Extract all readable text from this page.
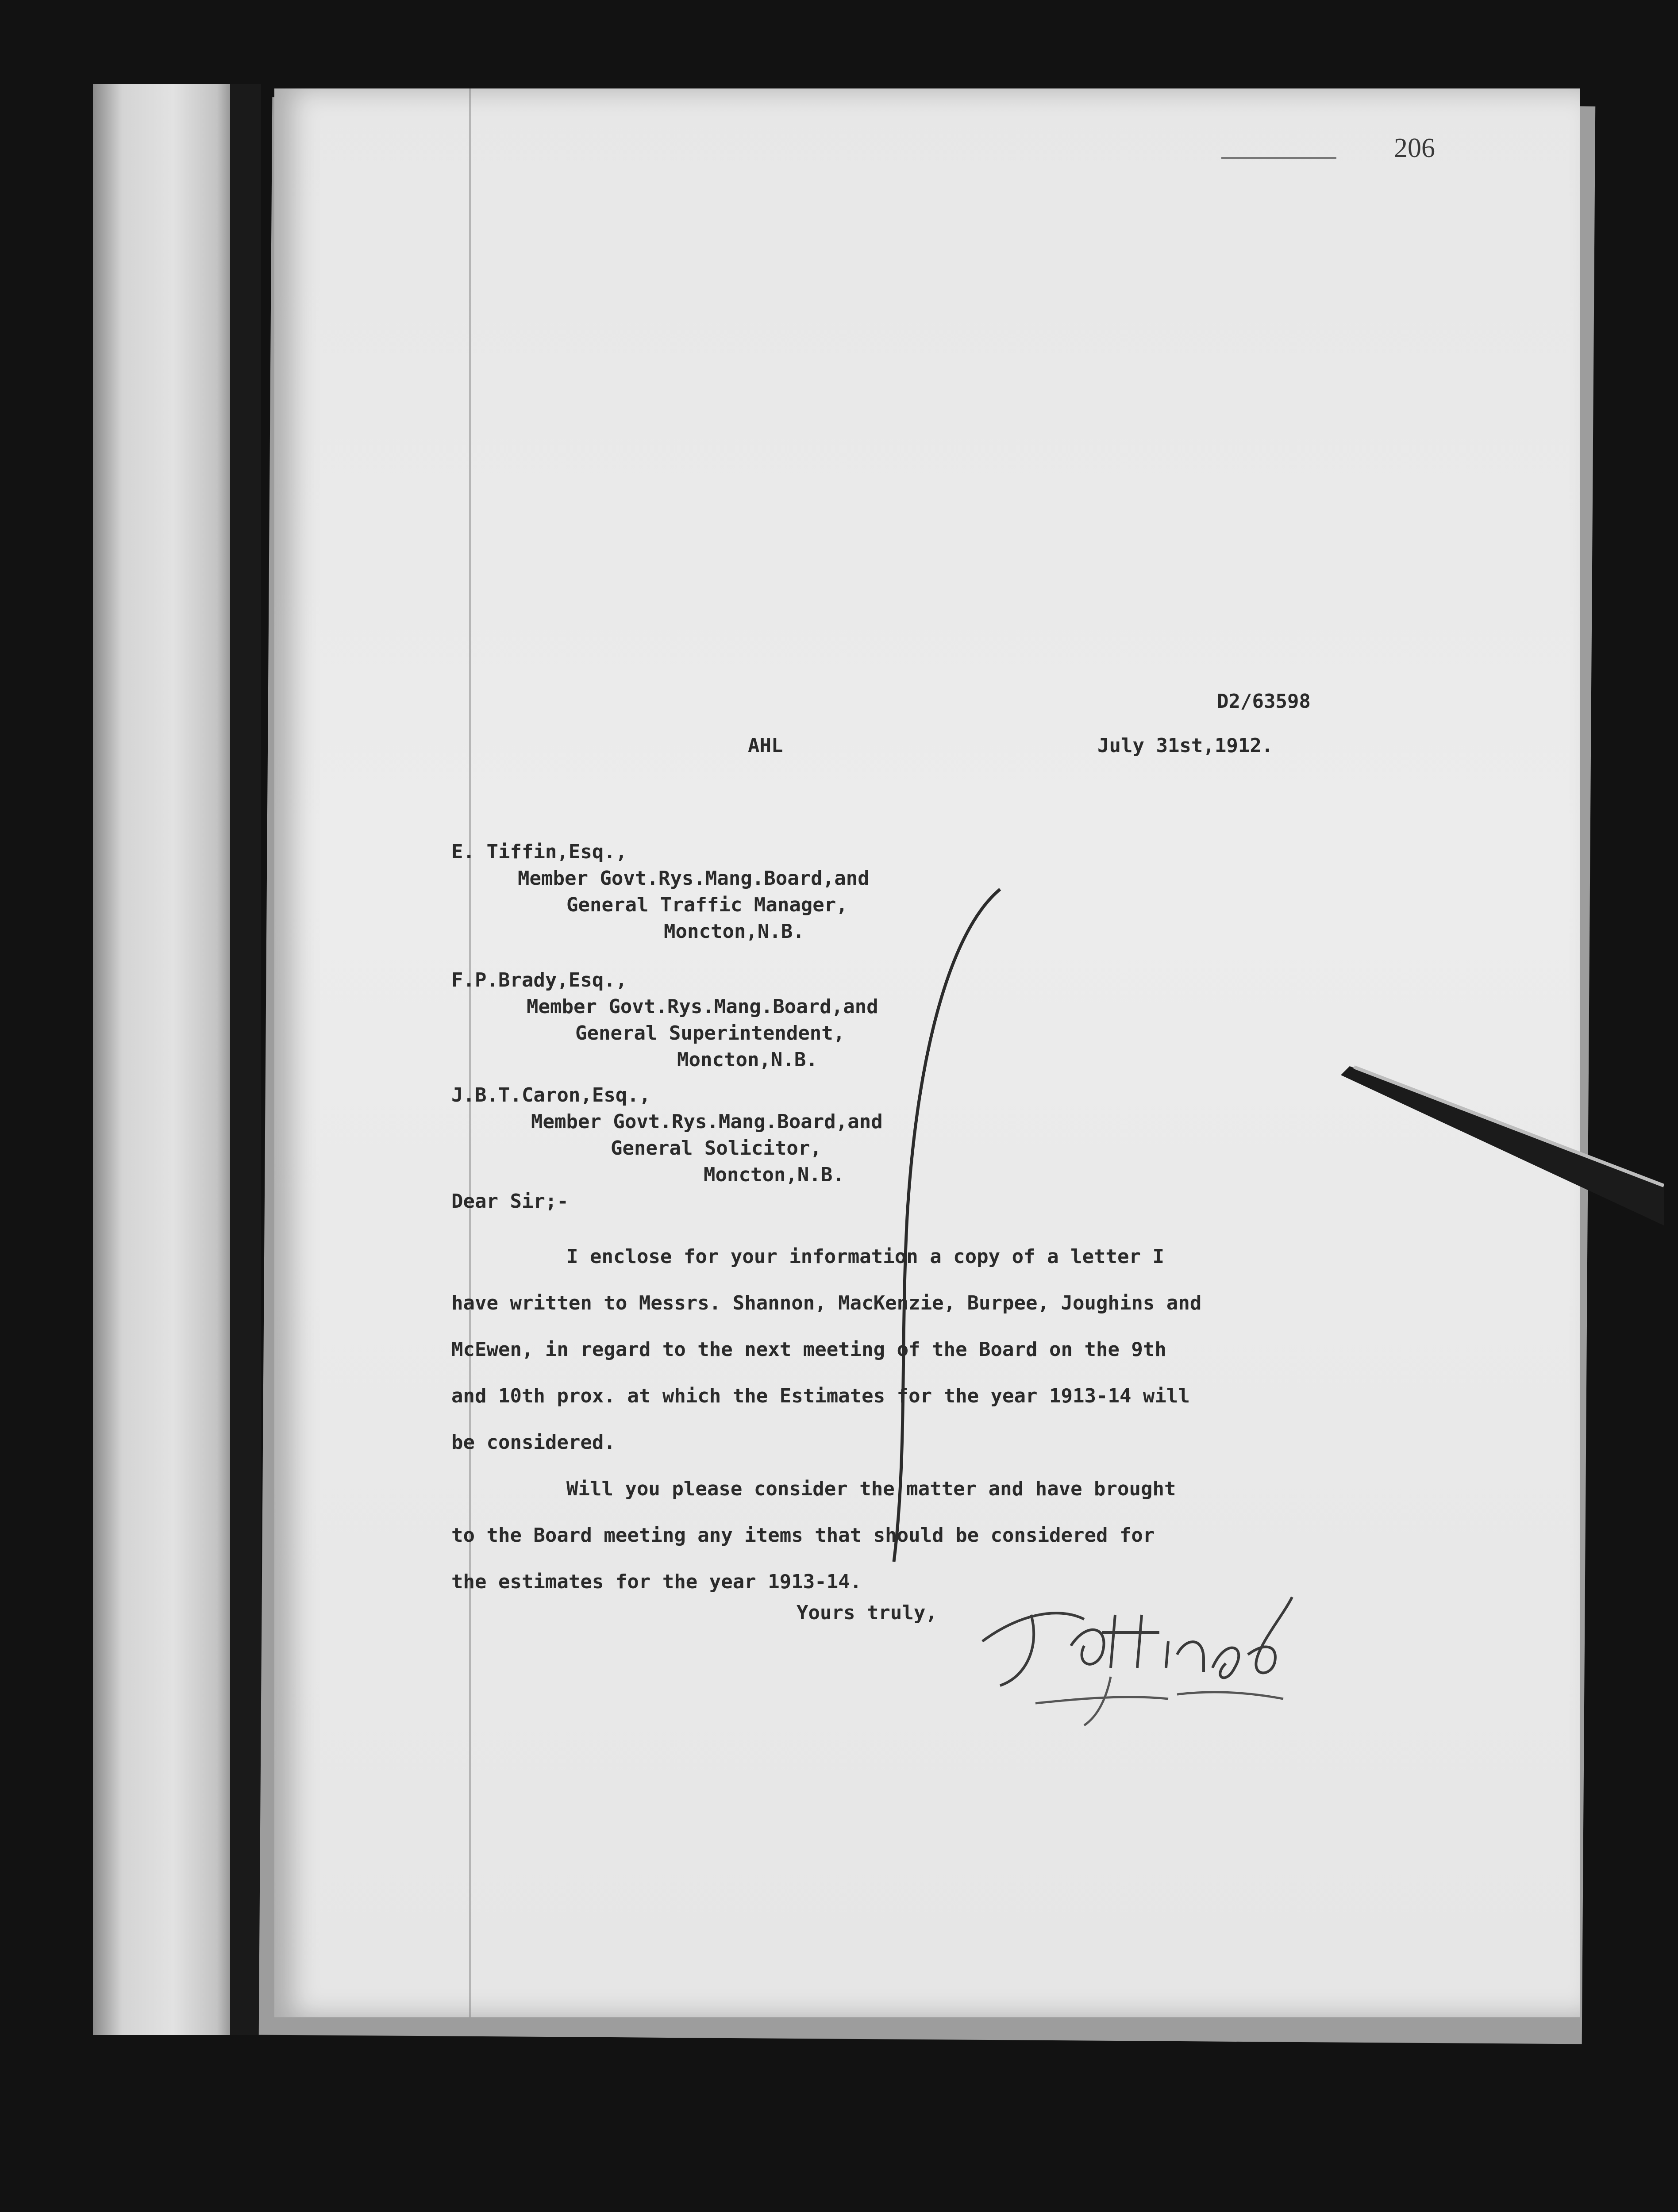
206
D2/63598
AHL	July 31st,1912.
E. Tiffin,Esq.,
Member Govt.Rys.Mang.Board,and
General Traffic Manager,
Moncton,N.B.
F.P.Brady,Esq.,
Member Govt.Rys.Mang.Board,and
General Superintendent,
Moncton,N.B.
J.B.T.Caron,Esq.,
Member Govt.Rys.Mang.Board,and
General Solicitor,
Moncton,N.B.
Dear Sir;-
I enclose for your information a copy of a letter I
have written to Messrs. Shannon, MacKenzie, Burpee, Joughins and
McEwen, in regard to the next meeting of the Board on the 9th
and 10th prox. at which the Estimates for the year 1913-14 will
be considered.
Will you please consider the matter and have brought
to the Board meeting any items that should be considered for
the estimates for the year 1913-14.
Yours truly,
